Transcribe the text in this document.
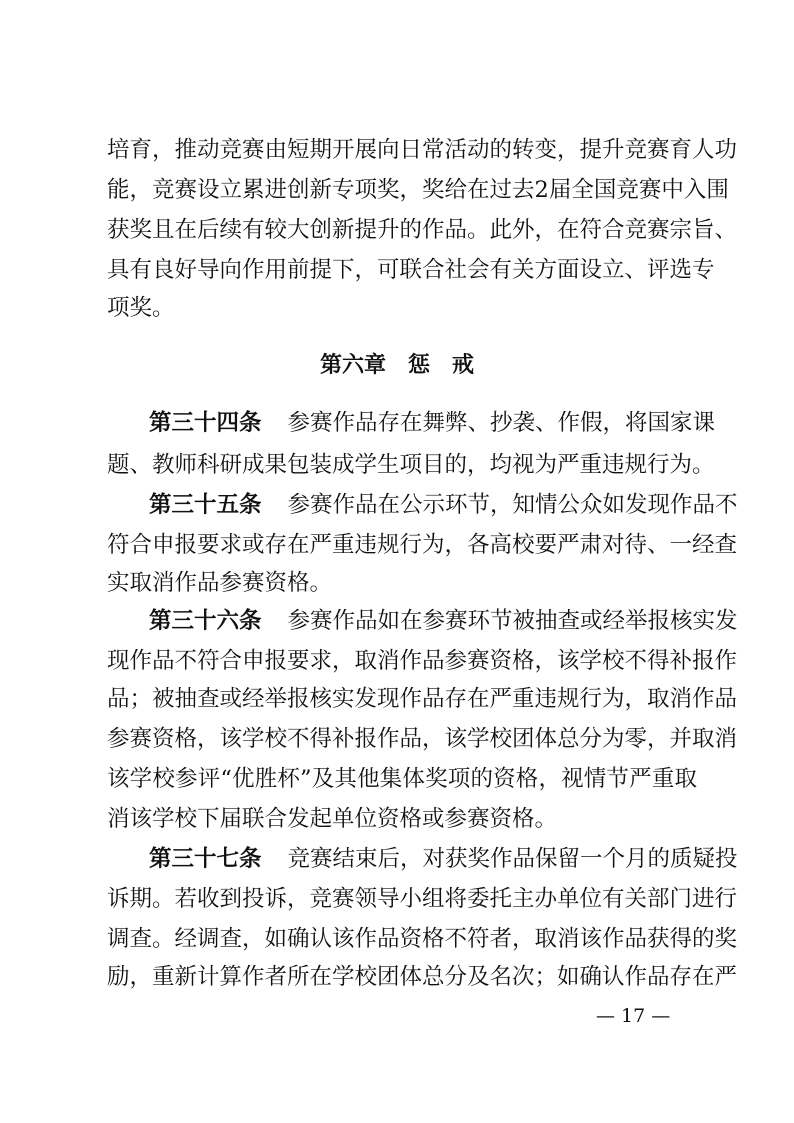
培育，推动竞赛由短期开展向日常活动的转变，提升竞赛育人功
能，竞赛设立累进创新专项奖，奖给在过去2届全国竞赛中入围
获奖且在后续有较大创新提升的作品。此外，在符合竞赛宗旨、
具有良好导向作用前提下，可联合社会有关方面设立、评选专
项奖。
第六章　惩　戒
第三十四条 参赛作品存在舞弊、抄袭、作假，将国家课
题、教师科研成果包装成学生项目的，均视为严重违规行为。
第三十五条 参赛作品在公示环节，知情公众如发现作品不
符合申报要求或存在严重违规行为，各高校要严肃对待、一经查
实取消作品参赛资格。
第三十六条 参赛作品如在参赛环节被抽查或经举报核实发
现作品不符合申报要求，取消作品参赛资格，该学校不得补报作
品；被抽查或经举报核实发现作品存在严重违规行为，取消作品
参赛资格，该学校不得补报作品，该学校团体总分为零，并取消
该学校参评“优胜杯”及其他集体奖项的资格，视情节严重取
消该学校下届联合发起单位资格或参赛资格。
第三十七条 竞赛结束后，对获奖作品保留一个月的质疑投
诉期。若收到投诉，竞赛领导小组将委托主办单位有关部门进行
调查。经调查，如确认该作品资格不符者，取消该作品获得的奖
励，重新计算作者所在学校团体总分及名次；如确认作品存在严
— 17 —
